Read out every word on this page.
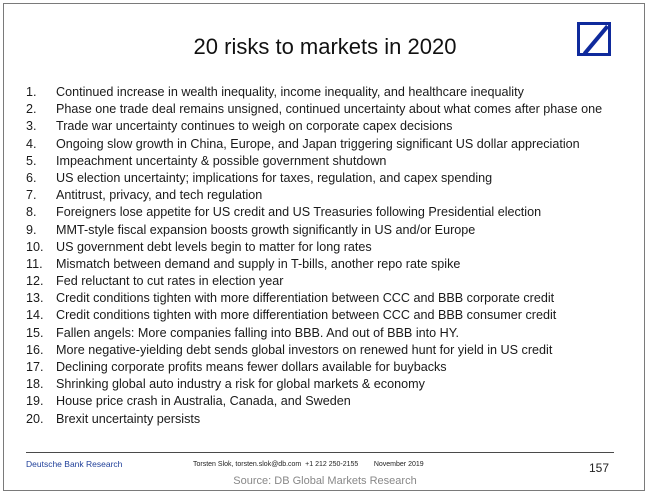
20 risks to markets in 2020
1. Continued increase in wealth inequality, income inequality, and healthcare inequality
2. Phase one trade deal remains unsigned, continued uncertainty about what comes after phase one
3. Trade war uncertainty continues to weigh on corporate capex decisions
4. Ongoing slow growth in China, Europe, and Japan triggering significant US dollar appreciation
5. Impeachment uncertainty & possible government shutdown
6. US election uncertainty; implications for taxes, regulation, and capex spending
7. Antitrust, privacy, and tech regulation
8. Foreigners lose appetite for US credit and US Treasuries following Presidential election
9. MMT-style fiscal expansion boosts growth significantly in US and/or Europe
10. US government debt levels begin to matter for long rates
11. Mismatch between demand and supply in T-bills, another repo rate spike
12. Fed reluctant to cut rates in election year
13. Credit conditions tighten with more differentiation between CCC and BBB corporate credit
14. Credit conditions tighten with more differentiation between CCC and BBB consumer credit
15. Fallen angels: More companies falling into BBB. And out of BBB into HY.
16. More negative-yielding debt sends global investors on renewed hunt for yield in US credit
17. Declining corporate profits means fewer dollars available for buybacks
18. Shrinking global auto industry a risk for global markets & economy
19. House price crash in Australia, Canada, and Sweden
20. Brexit uncertainty persists
Deutsche Bank Research	Torsten Slok, torsten.slok@db.com  +1 212 250-2155        November 2019	157
Source: DB Global Markets Research
